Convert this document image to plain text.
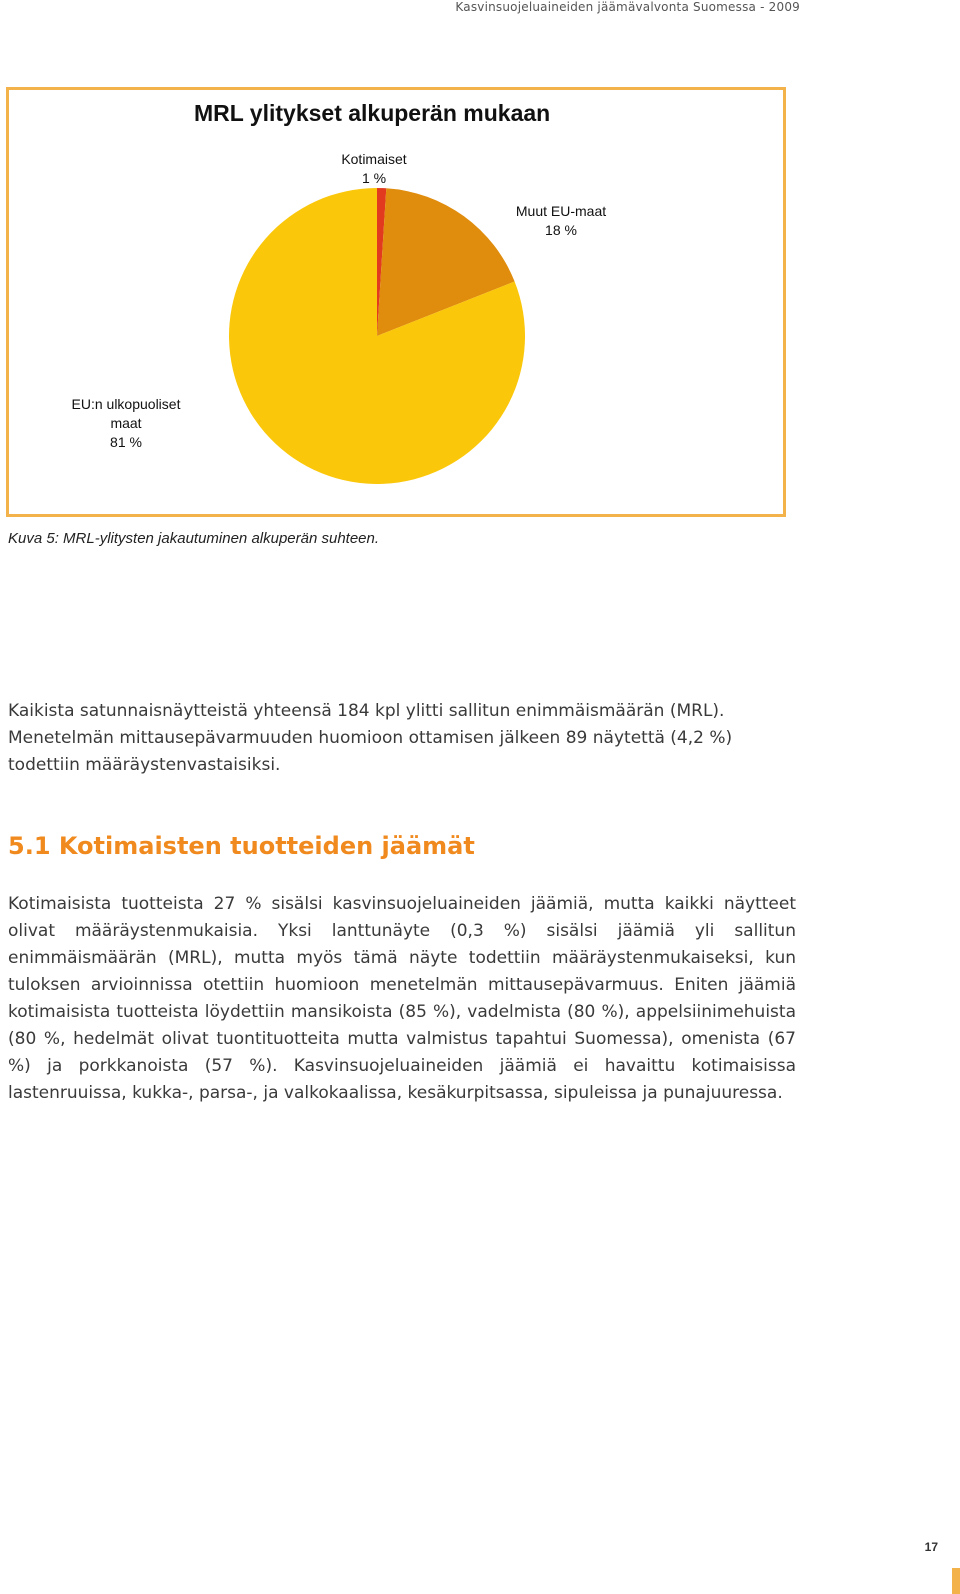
Kasvinsuojeluaineiden jäämävalvonta Suomessa - 2009
MRL ylitykset alkuperän mukaan
Kotimaiset
1 %
Muut EU-maat
18 %
EU:n ulkopuoliset
maat
81 %
Kuva 5: MRL-ylitysten jakautuminen alkuperän suhteen.

Kaikista satunnaisnäytteistä yhteensä 184 kpl ylitti sallitun enimmäismäärän (MRL). Menetelmän mittausepävarmuuden huomioon ottamisen jälkeen 89 näytettä (4,2 %) todettiin määräystenvastaisiksi.

5.1 Kotimaisten tuotteiden jäämät

Kotimaisista tuotteista 27 % sisälsi kasvinsuojeluaineiden jäämiä, mutta kaikki näytteet olivat määräystenmukaisia. Yksi lanttunäyte (0,3 %) sisälsi jäämiä yli sallitun enimmäismäärän (MRL), mutta myös tämä näyte todettiin määräystenmukaiseksi, kun tuloksen arvioinnissa otettiin huomioon menetelmän mittausepävarmuus. Eniten jäämiä kotimaisista tuotteista löydettiin mansikoista (85 %), vadelmista (80 %), appelsiinimehuista (80 %, hedelmät olivat tuontituotteita mutta valmistus tapahtui Suomessa), omenista (67 %) ja porkkanoista (57 %). Kasvinsuojeluaineiden jäämiä ei havaittu kotimaisissa lastenruuissa, kukka-, parsa-, ja valkokaalissa, kesäkurpitsassa, sipuleissa ja punajuuressa.

17
